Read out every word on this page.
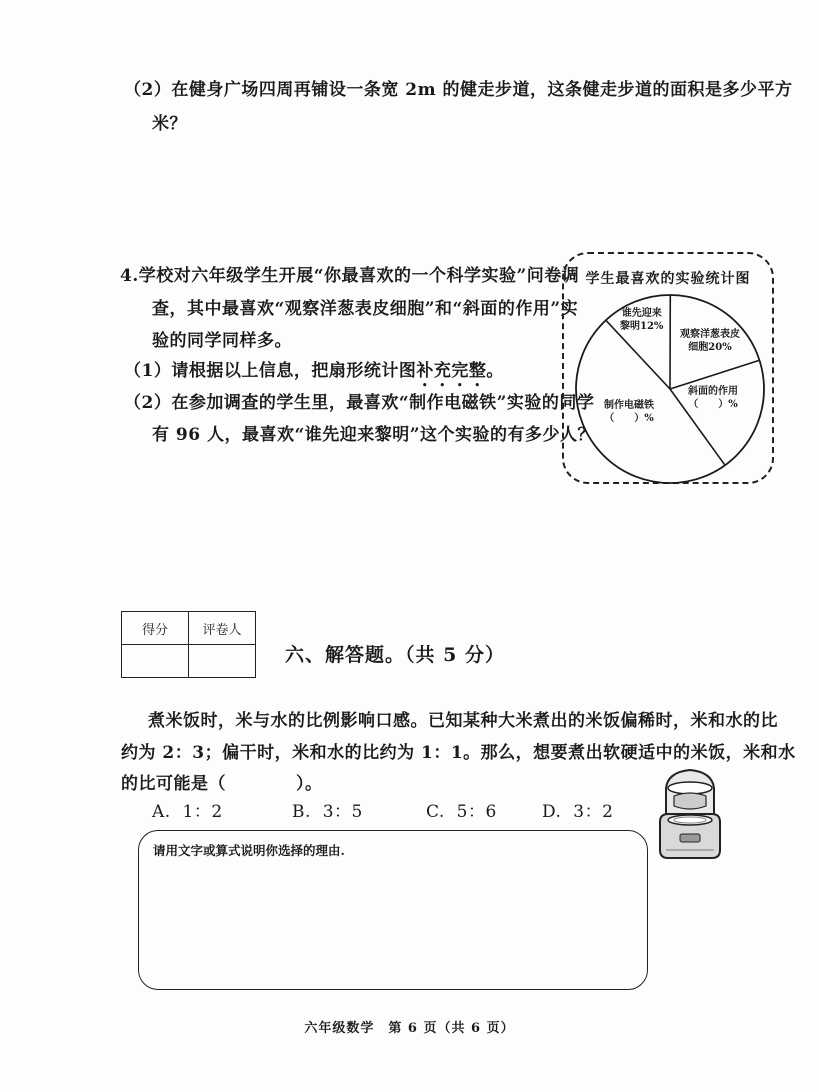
（2）在健身广场四周再铺设一条宽 2m 的健走步道，这条健走步道的面积是多少平方
米？
4.学校对六年级学生开展“你最喜欢的一个科学实验”问卷调
查，其中最喜欢“观察洋葱表皮细胞”和“斜面的作用”实
验的同学同样多。
（1）请根据以上信息，把扇形统计图补充完整。
（2）在参加调查的学生里，最喜欢“制作电磁铁”实验的同学
有 96 人，最喜欢“谁先迎来黎明”这个实验的有多少人？
学生最喜欢的实验统计图
谁先迎来
黎明12%
观察洋葱表皮
细胞20%
斜面的作用
（　　）%
制作电磁铁
（　　）%
得分	评卷人

六、解答题。（共 5 分）
煮米饭时，米与水的比例影响口感。已知某种大米煮出的米饭偏稀时，米和水的比
约为 2：3；偏干时，米和水的比约为 1：1。那么，想要煮出软硬适中的米饭，米和水
的比可能是（　　　　）。
A. 1：2	B. 3：5	C. 5：6	D. 3：2
请用文字或算式说明你选择的理由.
六年级数学　第 6 页（共 6 页）
